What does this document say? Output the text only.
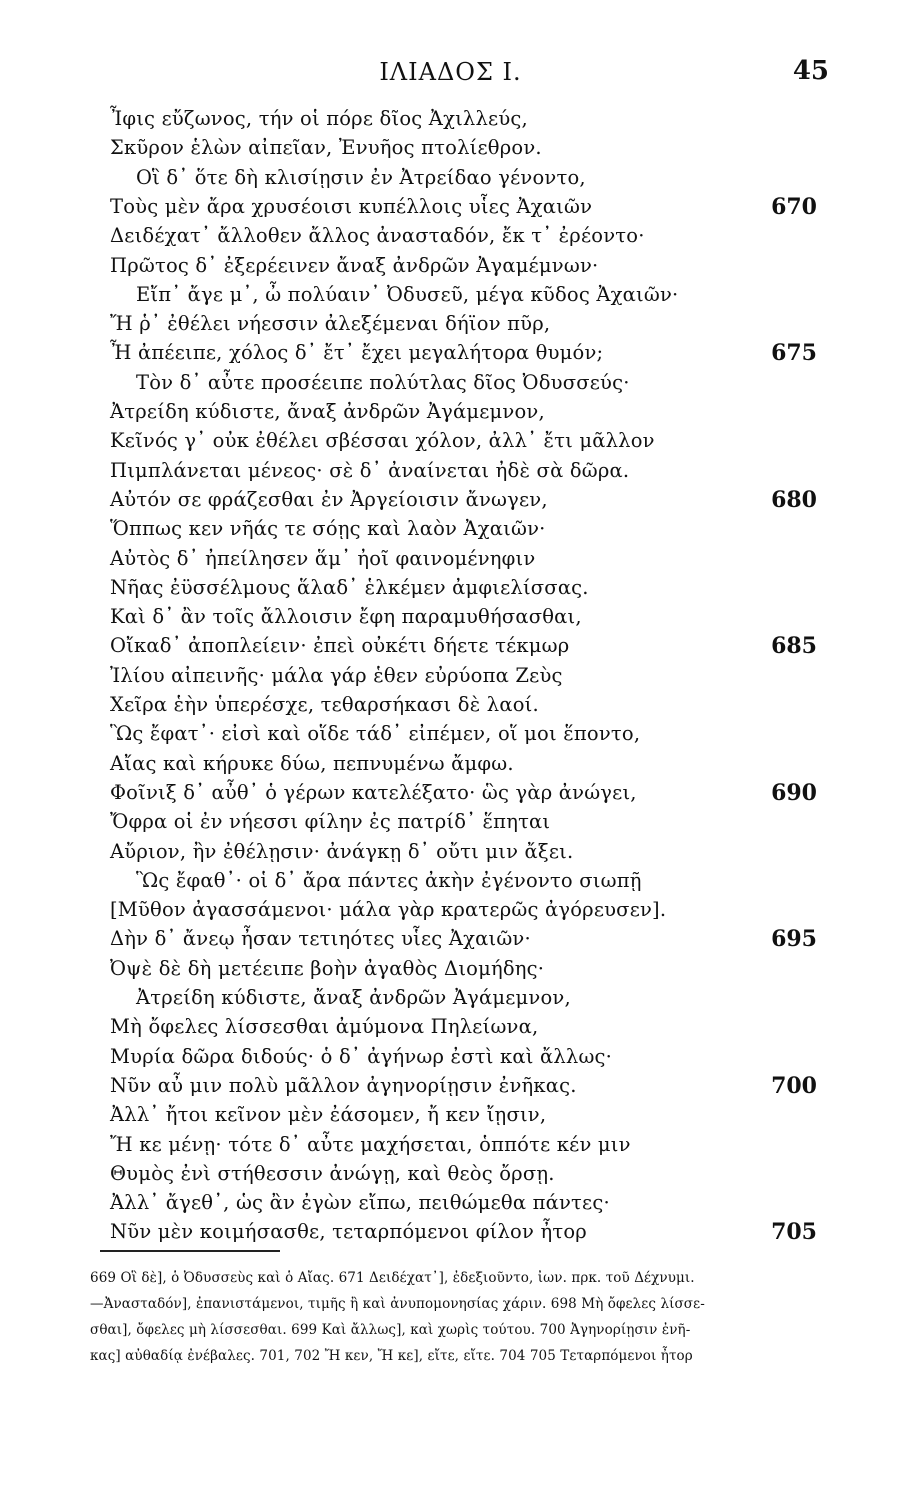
ΙΛΙΑΔΟΣ Ι.	45
Ἶφις εὔζωνος, τήν οἱ πόρε δῖος Ἀχιλλεύς,
Σκῦρον ἑλὼν αἰπεῖαν, Ἐνυῆος πτολίεθρον.
Οἳ δ᾽ ὅτε δὴ κλισίῃσιν ἐν Ἀτρείδαο γένοντο,
Τοὺς μὲν ἄρα χρυσέοισι κυπέλλοις υἷες Ἀχαιῶν	670
Δειδέχατ᾽ ἄλλοθεν ἄλλος ἀνασταδόν, ἔκ τ᾽ ἐρέοντο·
Πρῶτος δ᾽ ἐξερέεινεν ἄναξ ἀνδρῶν Ἀγαμέμνων·
Εἴπ᾽ ἄγε μ᾽, ὦ πολύαιν᾽ Ὀδυσεῦ, μέγα κῦδος Ἀχαιῶν·
Ἤ ῥ᾽ ἐθέλει νήεσσιν ἀλεξέμεναι δήϊον πῦρ,
Ἦ ἀπέειπε, χόλος δ᾽ ἔτ᾽ ἔχει μεγαλήτορα θυμόν;	675
Τὸν δ᾽ αὖτε προσέειπε πολύτλας δῖος Ὀδυσσεύς·
Ἀτρείδη κύδιστε, ἄναξ ἀνδρῶν Ἀγάμεμνον,
Κεῖνός γ᾽ οὐκ ἐθέλει σβέσσαι χόλον, ἀλλ᾽ ἔτι μᾶλλον
Πιμπλάνεται μένεος· σὲ δ᾽ ἀναίνεται ἠδὲ σὰ δῶρα.
Αὐτόν σε φράζεσθαι ἐν Ἀργείοισιν ἄνωγεν,	680
Ὅππως κεν νῆάς τε σόῃς καὶ λαὸν Ἀχαιῶν·
Αὐτὸς δ᾽ ἠπείλησεν ἅμ᾽ ἠοῖ φαινομένηφιν
Νῆας ἐϋσσέλμους ἅλαδ᾽ ἑλκέμεν ἀμφιελίσσας.
Καὶ δ᾽ ἂν τοῖς ἄλλοισιν ἔφη παραμυθήσασθαι,
Οἴκαδ᾽ ἀποπλείειν· ἐπεὶ οὐκέτι δήετε τέκμωρ	685
Ἰλίου αἰπεινῆς· μάλα γάρ ἑθεν εὐρύοπα Ζεὺς
Χεῖρα ἑὴν ὑπερέσχε, τεθαρσήκασι δὲ λαοί.
Ὣς ἔφατ᾽· εἰσὶ καὶ οἵδε τάδ᾽ εἰπέμεν, οἵ μοι ἕποντο,
Αἴας καὶ κήρυκε δύω, πεπνυμένω ἄμφω.
Φοῖνιξ δ᾽ αὖθ᾽ ὁ γέρων κατελέξατο· ὣς γὰρ ἀνώγει,	690
Ὄφρα οἱ ἐν νήεσσι φίλην ἐς πατρίδ᾽ ἕπηται
Αὔριον, ἢν ἐθέλῃσιν· ἀνάγκῃ δ᾽ οὔτι μιν ἄξει.
Ὣς ἔφαθ᾽· οἱ δ᾽ ἄρα πάντες ἀκὴν ἐγένοντο σιωπῇ
[Μῦθον ἀγασσάμενοι· μάλα γὰρ κρατερῶς ἀγόρευσεν].
Δὴν δ᾽ ἄνεῳ ἦσαν τετιηότες υἷες Ἀχαιῶν·	695
Ὀψὲ δὲ δὴ μετέειπε βοὴν ἀγαθὸς Διομήδης·
Ἀτρείδη κύδιστε, ἄναξ ἀνδρῶν Ἀγάμεμνον,
Μὴ ὄφελες λίσσεσθαι ἀμύμονα Πηλείωνα,
Μυρία δῶρα διδούς· ὁ δ᾽ ἀγήνωρ ἐστὶ καὶ ἄλλως·
Νῦν αὖ μιν πολὺ μᾶλλον ἀγηνορίῃσιν ἐνῆκας.	700
Ἀλλ᾽ ἤτοι κεῖνον μὲν ἐάσομεν, ἤ κεν ἴῃσιν,
Ἤ κε μένῃ· τότε δ᾽ αὖτε μαχήσεται, ὁππότε κέν μιν
Θυμὸς ἐνὶ στήθεσσιν ἀνώγῃ, καὶ θεὸς ὄρσῃ.
Ἀλλ᾽ ἄγεθ᾽, ὡς ἂν ἐγὼν εἴπω, πειθώμεθα πάντες·
Νῦν μὲν κοιμήσασθε, τεταρπόμενοι φίλον ἦτορ	705
669 Οἳ δὲ], ὁ Ὀδυσσεὺς καὶ ὁ Αἴας. 671 Δειδέχατ᾽], ἐδεξιοῦντο, ἰων. πρκ. τοῦ Δέχνυμι.
—Ἀνασταδόν], ἐπανιστάμενοι, τιμῆς ἢ καὶ ἀνυπομονησίας χάριν. 698 Μὴ ὄφελες λίσσε-
σθαι], ὄφελες μὴ λίσσεσθαι. 699 Καὶ ἄλλως], καὶ χωρὶς τούτου. 700 Ἀγηνορίῃσιν ἐνῆ-
κας] αὐθαδίᾳ ἐνέβαλες. 701, 702 Ἤ κεν, Ἤ κε], εἴτε, εἴτε. 704 705 Τεταρπόμενοι ἦτορ
